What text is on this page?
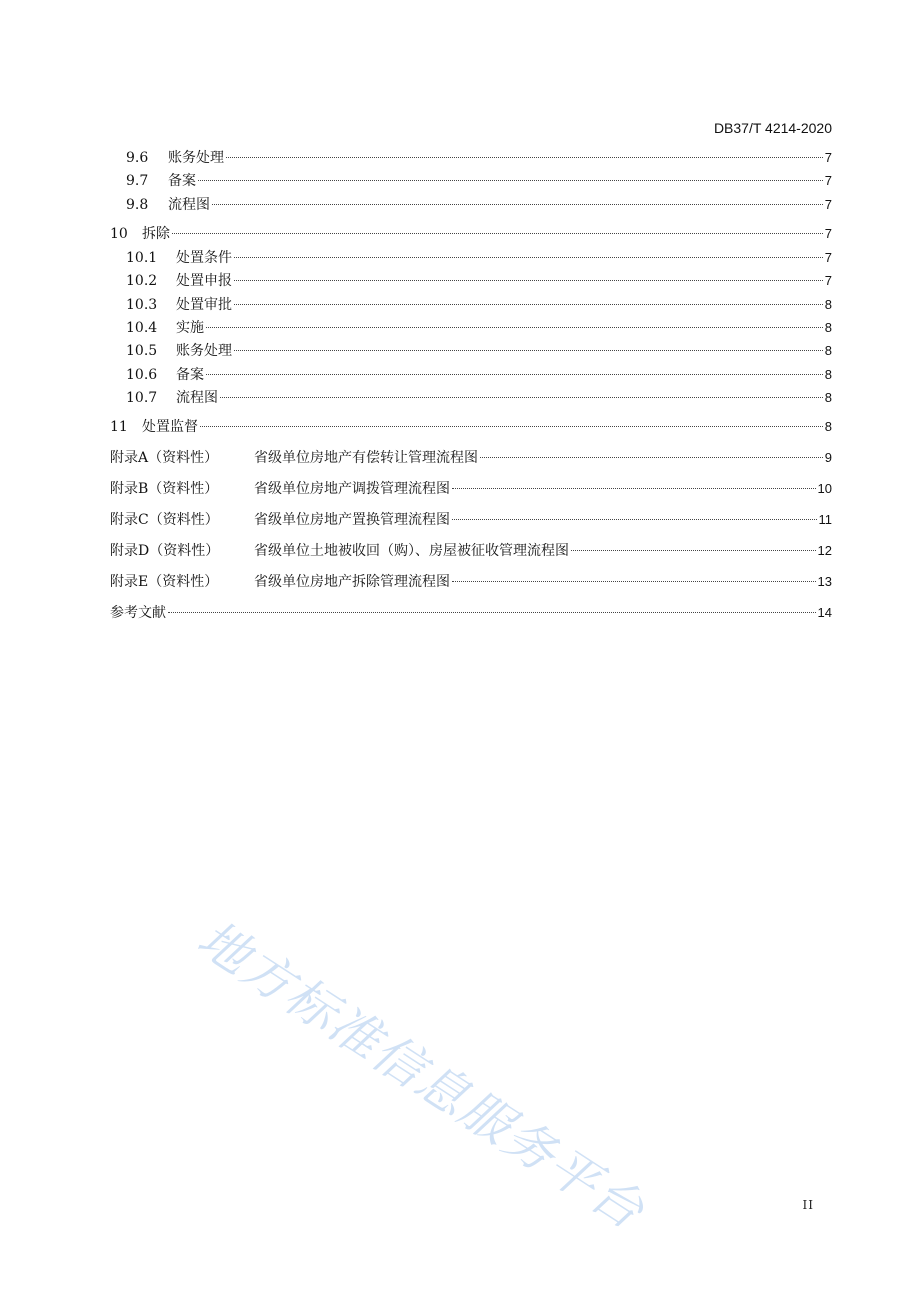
DB37/T 4214-2020
9.6	账务处理	7
9.7	备案	7
9.8	流程图	7
10	拆除	7
10.1	处置条件	7
10.2	处置申报	7
10.3	处置审批	8
10.4	实施	8
10.5	账务处理	8
10.6	备案	8
10.7	流程图	8
11	处置监督	8
附录A（资料性）	省级单位房地产有偿转让管理流程图	9
附录B（资料性）	省级单位房地产调拨管理流程图	10
附录C（资料性）	省级单位房地产置换管理流程图	11
附录D（资料性）	省级单位土地被收回（购）、房屋被征收管理流程图	12
附录E（资料性）	省级单位房地产拆除管理流程图	13
参考文献	14
地方标准信息服务平台	II
